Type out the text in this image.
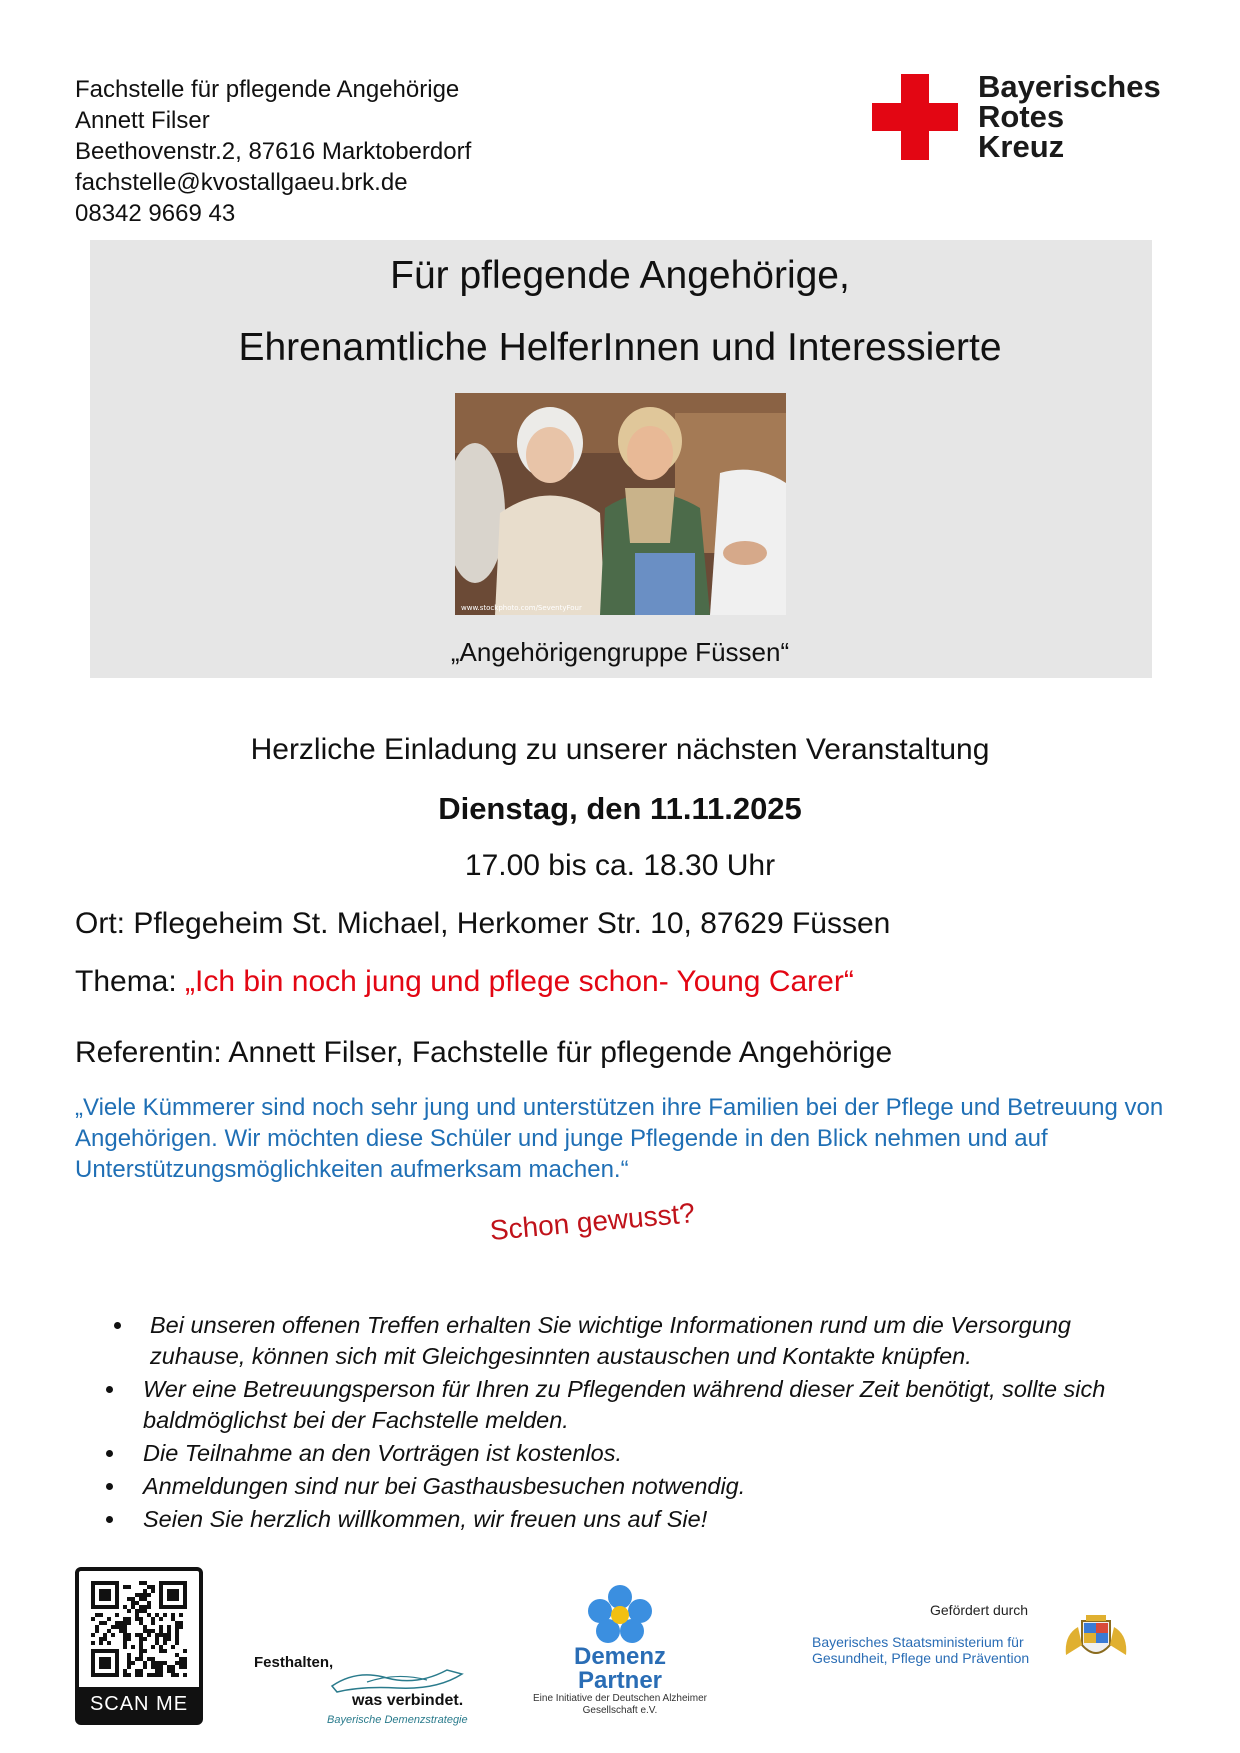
Fachstelle für pflegende Angehörige
Annett Filser
Beethovenstr.2, 87616 Marktoberdorf
fachstelle@kvostallgaeu.brk.de
08342 9669 43
Bayerisches
Rotes
Kreuz
Für pflegende Angehörige,
Ehrenamtliche HelferInnen und Interessierte
www.stockphoto.com/SeventyFour
„Angehörigengruppe Füssen“
Herzliche Einladung zu unserer nächsten Veranstaltung
Dienstag, den 11.11.2025
17.00 bis ca. 18.30 Uhr
Ort: Pflegeheim St. Michael, Herkomer Str. 10, 87629 Füssen
Thema: „Ich bin noch jung und pflege schon- Young Carer“
Referentin: Annett Filser, Fachstelle für pflegende Angehörige
„Viele Kümmerer sind noch sehr jung und unterstützen ihre Familien bei der Pflege und Betreuung von Angehörigen. Wir möchten diese Schüler und junge Pflegende in den Blick nehmen und auf Unterstützungsmöglichkeiten aufmerksam machen.“
Schon gewusst?
Bei unseren offenen Treffen erhalten Sie wichtige Informationen rund um die Versorgung zuhause, können sich mit Gleichgesinnten austauschen und Kontakte knüpfen.
Wer eine Betreuungsperson für Ihren zu Pflegenden während dieser Zeit benötigt, sollte sich baldmöglichst bei der Fachstelle melden.
Die Teilnahme an den Vorträgen ist kostenlos.
Anmeldungen sind nur bei Gasthausbesuchen notwendig.
Seien Sie herzlich willkommen, wir freuen uns auf Sie!
SCAN ME
Festhalten,
was verbindet.
Bayerische Demenzstrategie
Demenz
Partner
Eine Initiative der Deutschen Alzheimer Gesellschaft e.V.
Gefördert durch
Bayerisches Staatsministerium für
Gesundheit, Pflege und Prävention
